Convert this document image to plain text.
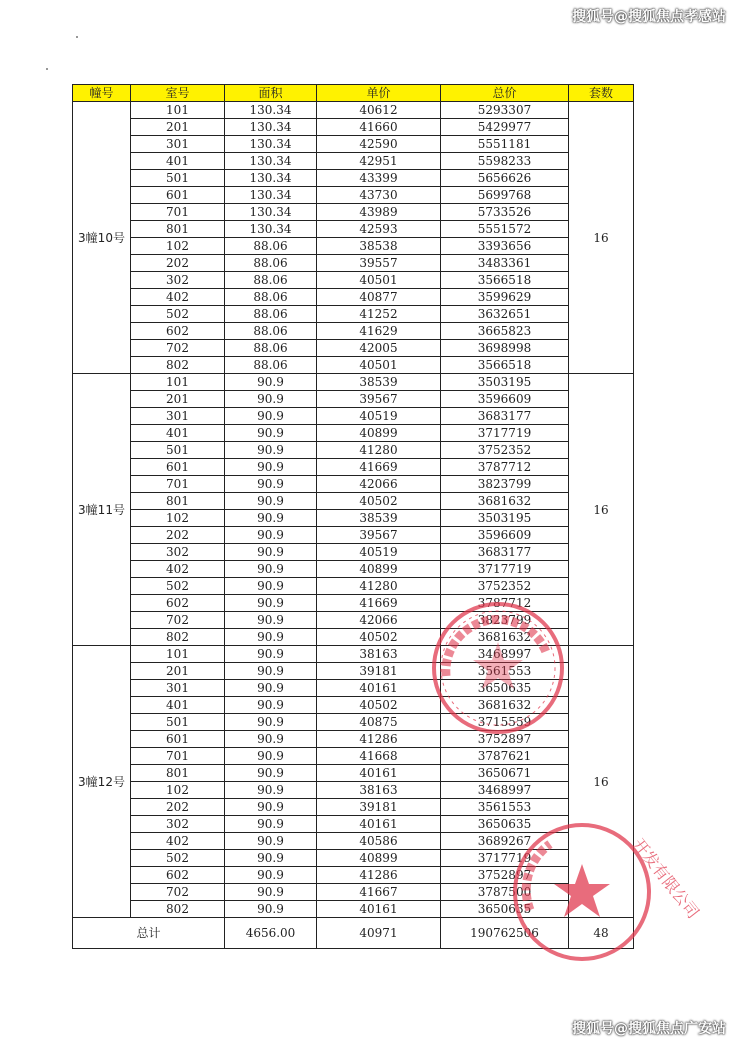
搜狐号@搜狐焦点孝感站
幢号	室号	面积	单价	总价	套数
3幢10号	101	130.34	40612	5293307	16
	201	130.34	41660	5429977	
	301	130.34	42590	5551181	
	401	130.34	42951	5598233	
	501	130.34	43399	5656626	
	601	130.34	43730	5699768	
	701	130.34	43989	5733526	
	801	130.34	42593	5551572	
	102	88.06	38538	3393656	
	202	88.06	39557	3483361	
	302	88.06	40501	3566518	
	402	88.06	40877	3599629	
	502	88.06	41252	3632651	
	602	88.06	41629	3665823	
	702	88.06	42005	3698998	
	802	88.06	40501	3566518	
3幢11号	101	90.9	38539	3503195	16
	201	90.9	39567	3596609	
	301	90.9	40519	3683177	
	401	90.9	40899	3717719	
	501	90.9	41280	3752352	
	601	90.9	41669	3787712	
	701	90.9	42066	3823799	
	801	90.9	40502	3681632	
	102	90.9	38539	3503195	
	202	90.9	39567	3596609	
	302	90.9	40519	3683177	
	402	90.9	40899	3717719	
	502	90.9	41280	3752352	
	602	90.9	41669	3787712	
	702	90.9	42066	3823799	
	802	90.9	40502	3681632	
3幢12号	101	90.9	38163	3468997	16
	201	90.9	39181	3561553	
	301	90.9	40161	3650635	
	401	90.9	40502	3681632	
	501	90.9	40875	3715559	
	601	90.9	41286	3752897	
	701	90.9	41668	3787621	
	801	90.9	40161	3650671	
	102	90.9	38163	3468997	
	202	90.9	39181	3561553	
	302	90.9	40161	3650635	
	402	90.9	40586	3689267	
	502	90.9	40899	3717719	
	602	90.9	41286	3752897	
	702	90.9	41667	3787500	
	802	90.9	40161	3650635	
总计		4656.00	40971	190762506	48
开发有限公司
搜狐号@搜狐焦点广安站
